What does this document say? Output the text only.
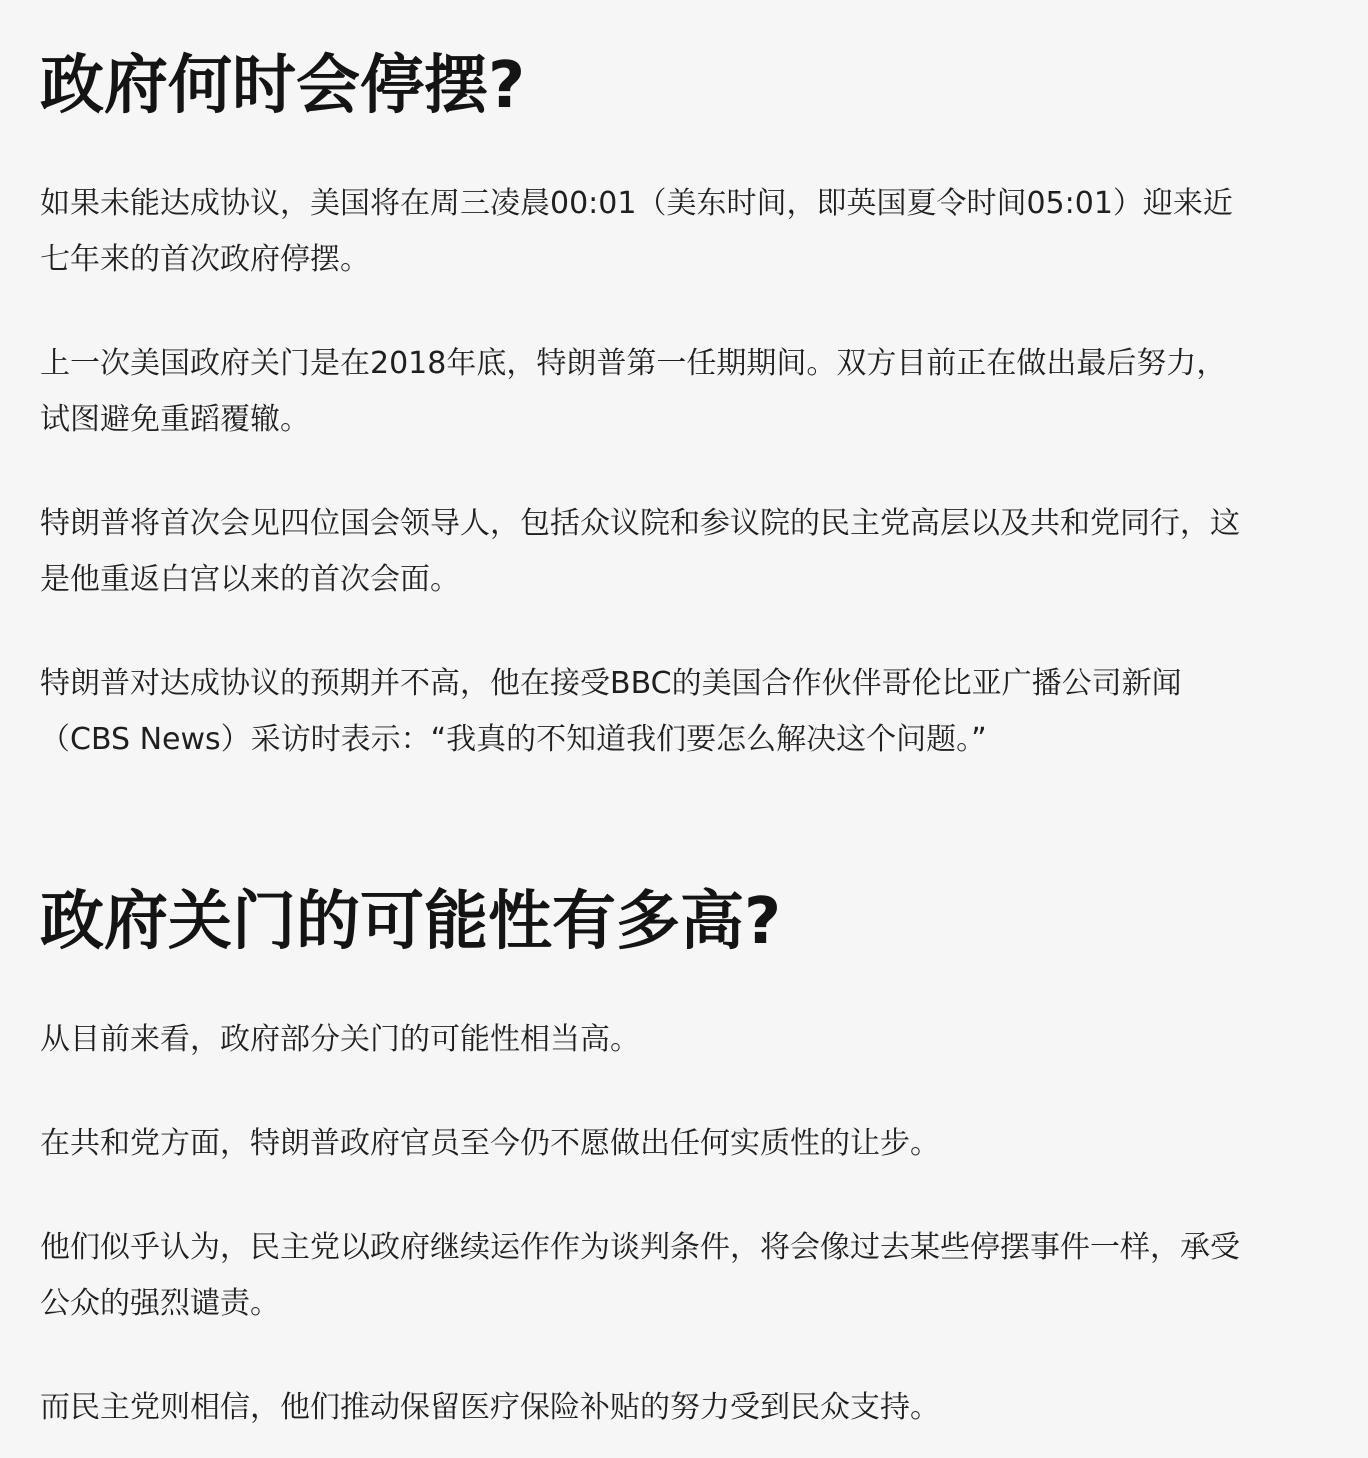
政府何时会停摆?

如果未能达成协议，美国将在周三凌晨00:01（美东时间，即英国夏令时间05:01）迎来近七年来的首次政府停摆。

上一次美国政府关门是在2018年底，特朗普第一任期期间。双方目前正在做出最后努力，试图避免重蹈覆辙。

特朗普将首次会见四位国会领导人，包括众议院和参议院的民主党高层以及共和党同行，这是他重返白宫以来的首次会面。

特朗普对达成协议的预期并不高，他在接受BBC的美国合作伙伴哥伦比亚广播公司新闻（CBS News）采访时表示：“我真的不知道我们要怎么解决这个问题。”

政府关门的可能性有多高?

从目前来看，政府部分关门的可能性相当高。

在共和党方面，特朗普政府官员至今仍不愿做出任何实质性的让步。

他们似乎认为，民主党以政府继续运作作为谈判条件，将会像过去某些停摆事件一样，承受公众的强烈谴责。

而民主党则相信，他们推动保留医疗保险补贴的努力受到民众支持。
